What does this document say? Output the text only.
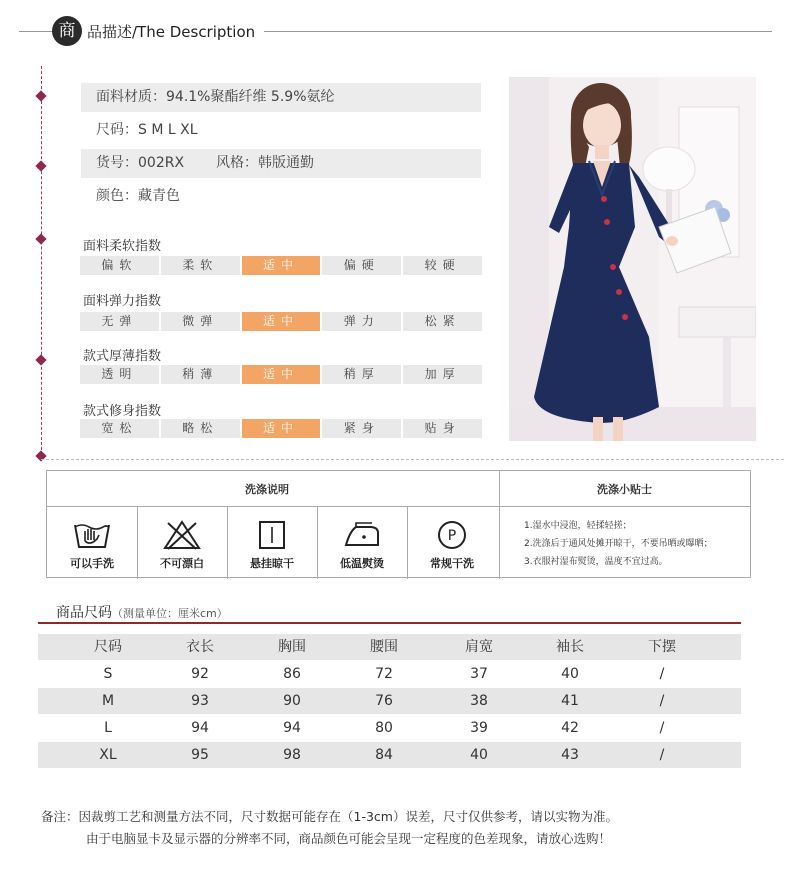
商 品描述/The Description
面料材质：94.1%聚酯纤维 5.9%氨纶
尺码：S M L XL
货号：002RX 风格：韩版通勤
颜色：藏青色
面料柔软指数
偏软	柔软	适中	偏硬	较硬
面料弹力指数
无弹	微弹	适中	弹力	松紧
款式厚薄指数
透明	稍薄	适中	稍厚	加厚
款式修身指数
宽松	略松	适中	紧身	贴身
洗涤说明	洗涤小贴士
P
可以手洗	不可漂白	悬挂晾干	低温熨烫	常规干洗
1.湿水中浸泡，轻揉轻搓；
2.洗涤后于通风处摊开晾干，不要吊晒或曝晒；
3.衣服衬湿布熨烫，温度不宜过高。
商品尺码（测量单位：厘米cm）
尺码	衣长	胸围	腰围	肩宽	袖长	下摆
S	92	86	72	37	40	/
M	93	90	76	38	41	/
L	94	94	80	39	42	/
XL	95	98	84	40	43	/
备注：因裁剪工艺和测量方法不同，尺寸数据可能存在（1-3cm）误差，尺寸仅供参考，请以实物为准。
由于电脑显卡及显示器的分辨率不同，商品颜色可能会呈现一定程度的色差现象，请放心选购！
